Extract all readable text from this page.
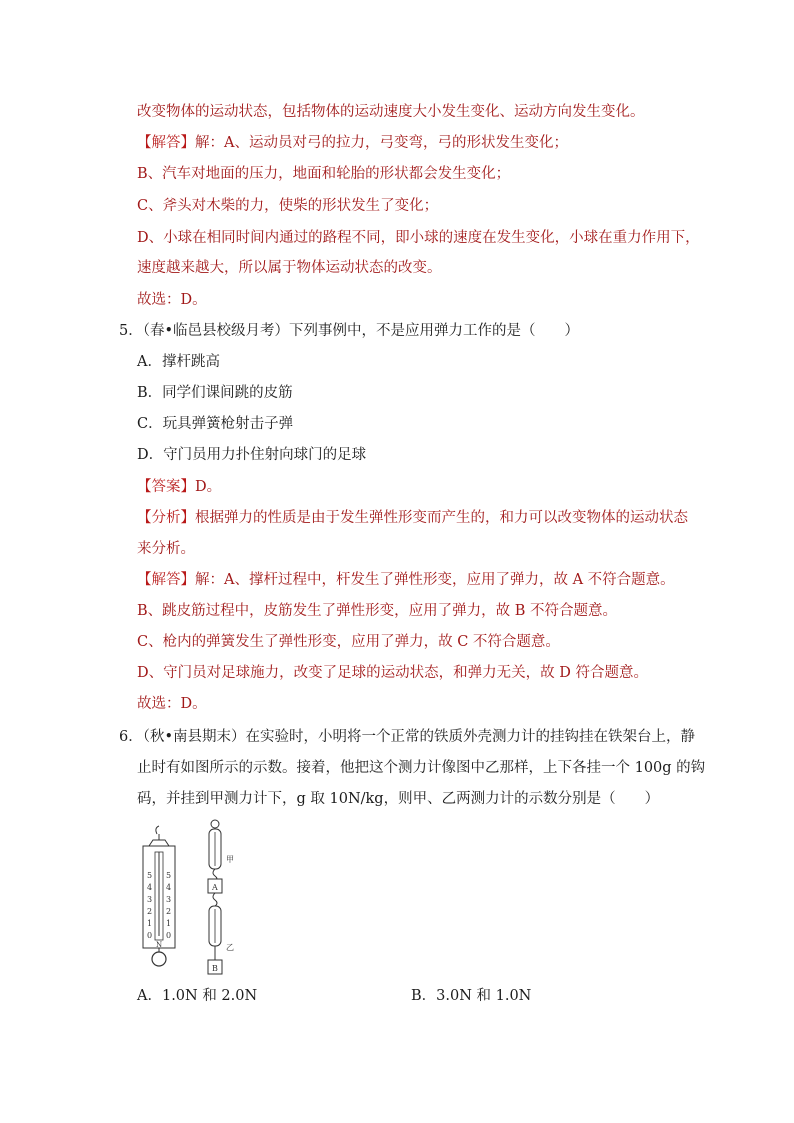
改变物体的运动状态，包括物体的运动速度大小发生变化、运动方向发生变化。
【解答】解：A、运动员对弓的拉力，弓变弯，弓的形状发生变化；
B、汽车对地面的压力，地面和轮胎的形状都会发生变化；
C、斧头对木柴的力，使柴的形状发生了变化；
D、小球在相同时间内通过的路程不同，即小球的速度在发生变化，小球在重力作用下，
速度越来越大，所以属于物体运动状态的改变。
故选：D。
5．（春•临邑县校级月考）下列事例中，不是应用弹力工作的是（　　）
A．撑杆跳高
B．同学们课间跳的皮筋
C．玩具弹簧枪射击子弹
D．守门员用力扑住射向球门的足球
【答案】D。
【分析】根据弹力的性质是由于发生弹性形变而产生的，和力可以改变物体的运动状态
来分析。
【解答】解：A、撑杆过程中，杆发生了弹性形变，应用了弹力，故 A 不符合题意。
B、跳皮筋过程中，皮筋发生了弹性形变，应用了弹力，故 B 不符合题意。
C、枪内的弹簧发生了弹性形变，应用了弹力，故 C 不符合题意。
D、守门员对足球施力，改变了足球的运动状态，和弹力无关，故 D 符合题意。
故选：D。
6．（秋•南县期末）在实验时，小明将一个正常的铁质外壳测力计的挂钩挂在铁架台上，静
止时有如图所示的示数。接着，他把这个测力计像图中乙那样，上下各挂一个 100g 的钩
码，并挂到甲测力计下，g 取 10N/kg，则甲、乙两测力计的示数分别是（　　）
5
4
3
2
1
0
5
4
3
2
1
0
N
甲
A
乙
B
A．1.0N 和 2.0N	B．3.0N 和 1.0N
